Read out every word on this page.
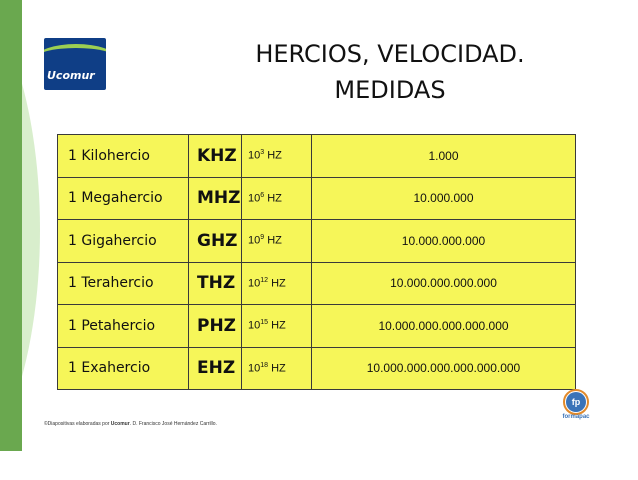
Ucomur
HERCIOS, VELOCIDAD.
MEDIDAS
1 Kilohercio	KHZ	$10^3$ HZ	1.000
1 Megahercio	MHZ	$10^6$ HZ	10.000.000
1 Gigahercio	GHZ	$10^9$ HZ	10.000.000.000
1 Terahercio	THZ	$10^{12}$ HZ	10.000.000.000.000
1 Petahercio	PHZ	$10^{15}$ HZ	10.000.000.000.000.000
1 Exahercio	EHZ	$10^{18}$ HZ	10.000.000.000.000.000.000
©Diapositivas elaboradas por Ucomur. D. Francisco José Hernández Carrillo.
fp
formapac
